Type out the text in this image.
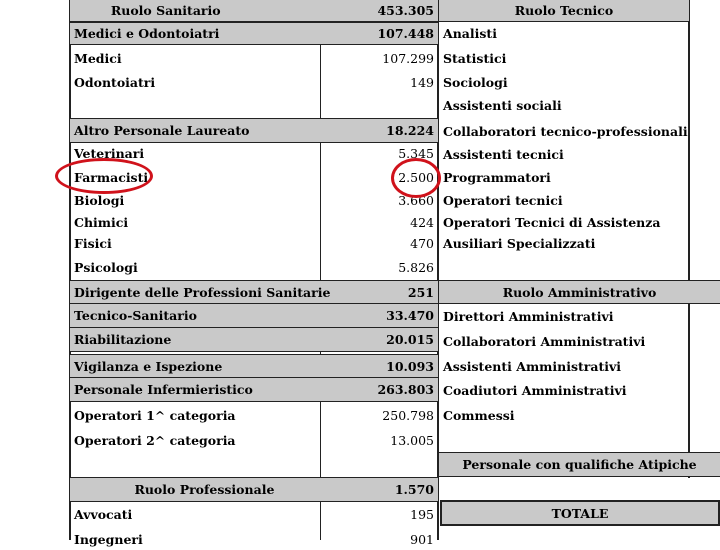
Ruolo Sanitario	453.305
Medici e Odontoiatri	107.448
Medici	107.299
Odontoiatri	149
Altro Personale Laureato	18.224
Veterinari	5.345
Farmacisti	2.500
Biologi	3.660
Chimici	424
Fisici	470
Psicologi	5.826
Dirigente delle Professioni Sanitarie	251
Tecnico-Sanitario	33.470
Riabilitazione	20.015
Vigilanza e Ispezione	10.093
Personale Infermieristico	263.803
Operatori 1^ categoria	250.798
Operatori 2^ categoria	13.005
Ruolo Professionale	1.570
Avvocati	195
Ingegneri	901
Ruolo Tecnico
Analisti
Statistici
Sociologi
Assistenti sociali
Collaboratori tecnico-professionali
Assistenti tecnici
Programmatori
Operatori tecnici
Operatori Tecnici di Assistenza
Ausiliari Specializzati
Ruolo Amministrativo
Direttori Amministrativi
Collaboratori Amministrativi
Assistenti Amministrativi
Coadiutori Amministrativi
Commessi
Personale con qualifiche Atipiche
TOTALE
